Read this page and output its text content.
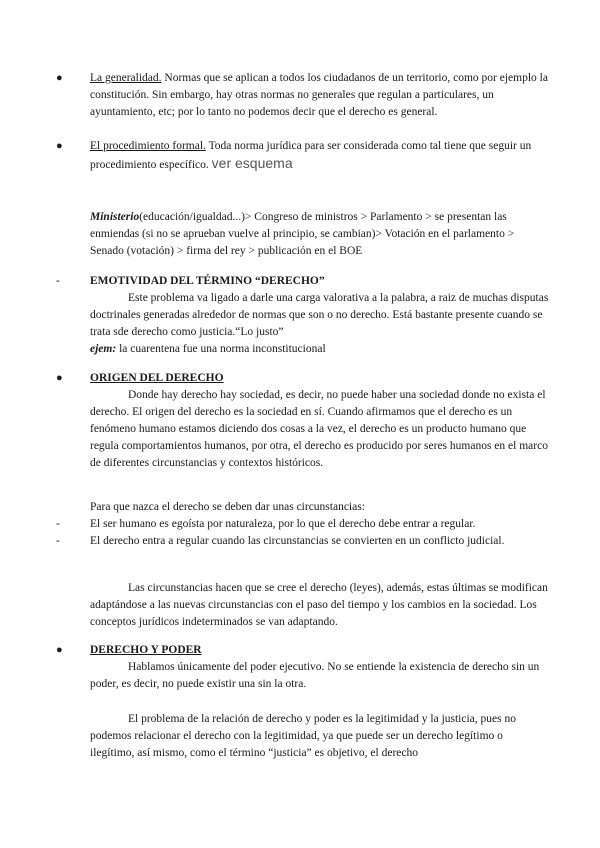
● La generalidad. Normas que se aplican a todos los ciudadanos de un territorio, como por ejemplo la constitución. Sin embargo, hay otras normas no generales que regulan a particulares, un ayuntamiento, etc; por lo tanto no podemos decir que el derecho es general.

● El procedimiento formal. Toda norma jurídica para ser considerada como tal tiene que seguir un procedimiento específico. ver esquema

Ministerio(educación/igualdad...)> Congreso de ministros > Parlamento > se presentan las enmiendas (si no se aprueban vuelve al principio, se cambian)> Votación en el parlamento > Senado (votación) > firma del rey > publicación en el BOE

-	EMOTIVIDAD DEL TÉRMINO “DERECHO”

Este problema va ligado a darle una carga valorativa a la palabra, a raiz de muchas disputas doctrinales generadas alrededor de normas que son o no derecho. Está bastante presente cuando se trata sde derecho como justicia.“Lo justo”

ejem: la cuarentena fue una norma inconstitucional

● ORIGEN DEL DERECHO

Donde hay derecho hay sociedad, es decir, no puede haber una sociedad donde no exista el derecho. El origen del derecho es la sociedad en sí. Cuando afirmamos que el derecho es un fenómeno humano estamos diciendo dos cosas a la vez, el derecho es un producto humano que regula comportamientos humanos, por otra, el derecho es producido por seres humanos en el marco de diferentes circunstancias y contextos históricos.

Para que nazca el derecho se deben dar unas circunstancias:

-	El ser humano es egoísta por naturaleza, por lo que el derecho debe entrar a regular.

-	El derecho entra a regular cuando las circunstancias se convierten en un conflicto judicial.

Las circunstancias hacen que se cree el derecho (leyes), además, estas últimas se modifican adaptándose a las nuevas circunstancias con el paso del tiempo y los cambios en la sociedad. Los conceptos jurídicos indeterminados se van adaptando.

● DERECHO Y PODER

Hablamos únicamente del poder ejecutivo. No se entiende la existencia de derecho sin un poder, es decir, no puede existir una sin la otra.

El problema de la relación de derecho y poder es la legitimidad y la justicia, pues no podemos relacionar el derecho con la legitimidad, ya que puede ser un derecho legítimo o ilegítimo, así mismo, como el término “justicia” es objetivo, el derecho
